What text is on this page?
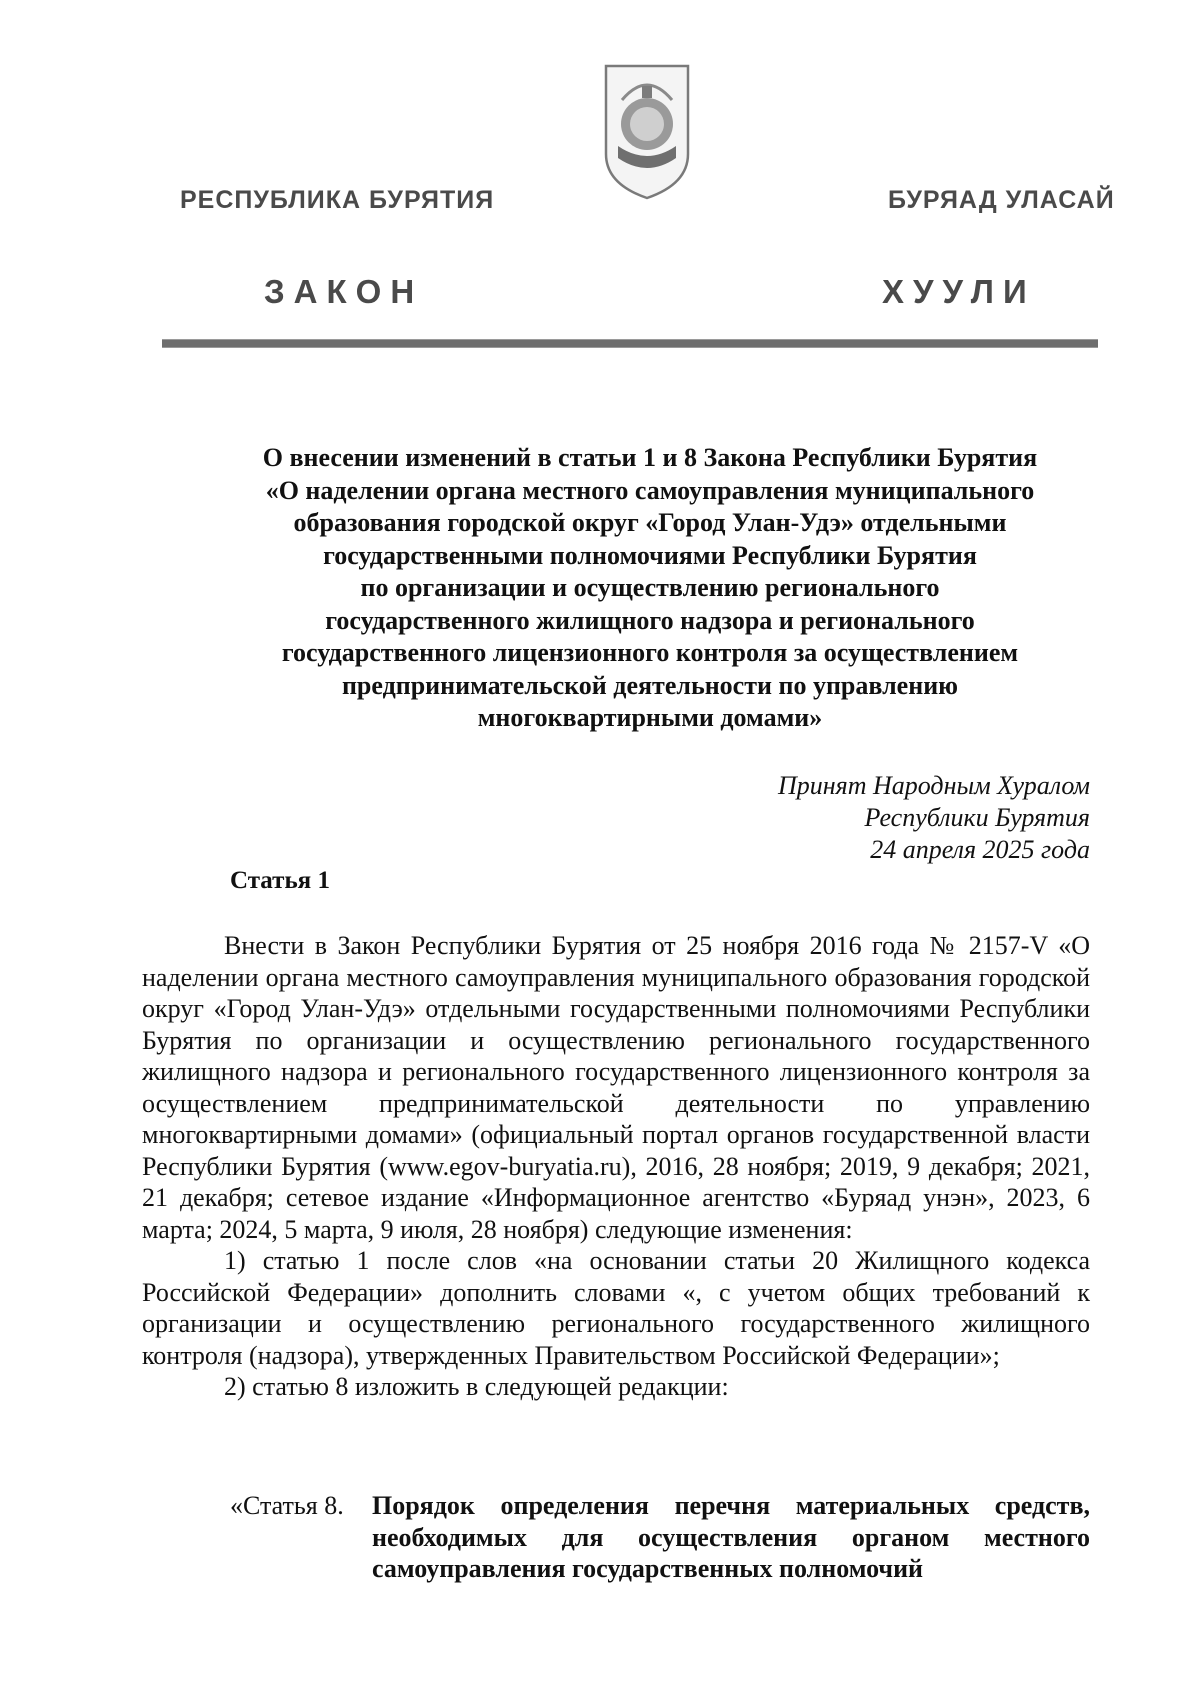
РЕСПУБЛИКА БУРЯТИЯ	БУРЯАД УЛАСАЙ
ЗАКОН	ХУУЛИ
О внесении изменений в статьи 1 и 8 Закона Республики Бурятия
«О наделении органа местного самоуправления муниципального
образования городской округ «Город Улан-Удэ» отдельными
государственными полномочиями Республики Бурятия
по организации и осуществлению регионального
государственного жилищного надзора и регионального
государственного лицензионного контроля за осуществлением
предпринимательской деятельности по управлению
многоквартирными домами»
Принят Народным Хуралом
Республики Бурятия
24 апреля 2025 года
Статья 1

Внести в Закон Республики Бурятия от 25 ноября 2016 года № 2157-V «О наделении органа местного самоуправления муниципального образования городской округ «Город Улан-Удэ» отдельными государственными полномочиями Республики Бурятия по организации и осуществлению регионального государственного жилищного надзора и регионального государственного лицензионного контроля за осуществлением предпринимательской деятельности по управлению многоквартирными домами» (официальный портал органов государственной власти Республики Бурятия (www.egov-buryatia.ru), 2016, 28 ноября; 2019, 9 декабря; 2021, 21 декабря; сетевое издание «Информационное агентство «Буряад унэн», 2023, 6 марта; 2024, 5 марта, 9 июля, 28 ноября) следующие изменения:

1) статью 1 после слов «на основании статьи 20 Жилищного кодекса Российской Федерации» дополнить словами «, с учетом общих требований к организации и осуществлению регионального государственного жилищного контроля (надзора), утвержденных Правительством Российской Федерации»;

2) статью 8 изложить в следующей редакции:

«Статья 8. Порядок определения перечня материальных средств, необходимых для осуществления органом местного самоуправления государственных полномочий
